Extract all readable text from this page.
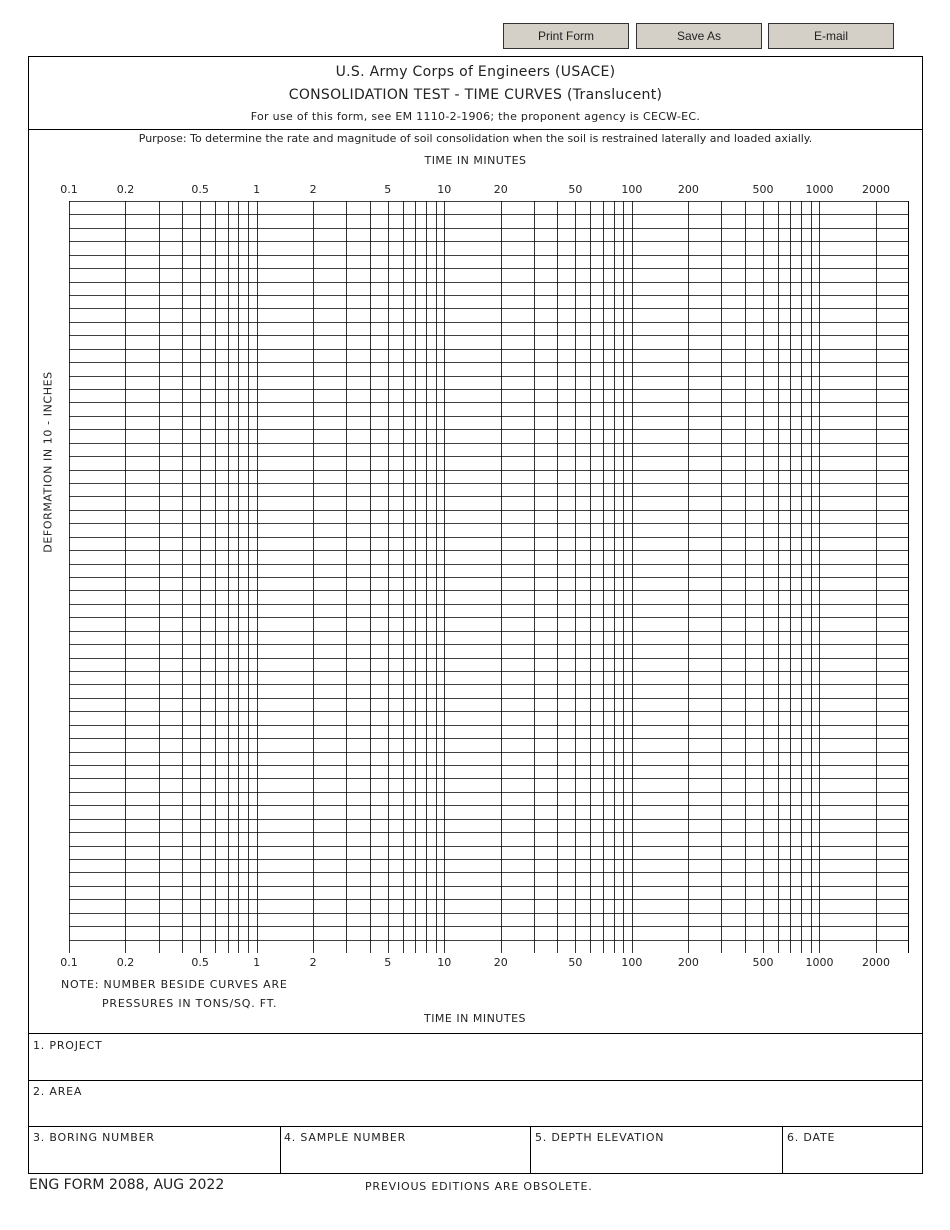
Print Form	Save As	E-mail
U.S. Army Corps of Engineers (USACE)
CONSOLIDATION TEST - TIME CURVES (Translucent)
For use of this form, see EM 1110-2-1906; the proponent agency is CECW-EC.
Purpose: To determine the rate and magnitude of soil consolidation when the soil is restrained laterally and loaded axially.
TIME IN MINUTES
DEFORMATION IN 10 - INCHES
0.1	0.2	0.5	1	2	5	10	20	50	100	200	500	1000	2000
0.1	0.2	0.5	1	2	5	10	20	50	100	200	500	1000	2000
NOTE: NUMBER BESIDE CURVES ARE
PRESSURES IN TONS/SQ. FT.
TIME IN MINUTES
1. PROJECT
2. AREA
3. BORING NUMBER	4. SAMPLE NUMBER	5. DEPTH ELEVATION	6. DATE
ENG FORM 2088, AUG 2022	PREVIOUS EDITIONS ARE OBSOLETE.
